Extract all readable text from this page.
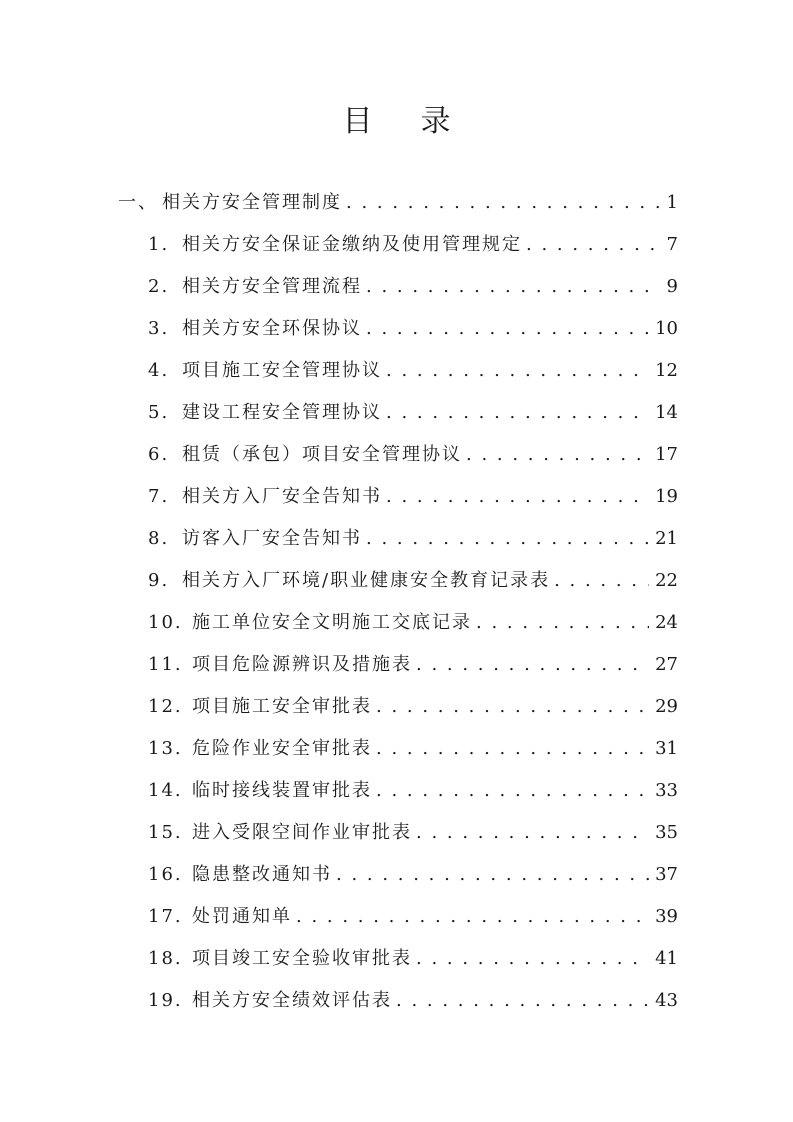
目 录
一、 相关方安全管理制度 . . .	1
1. 相关方安全保证金缴纳及使用管理规定 . . .	7
2. 相关方安全管理流程 . . .	9
3. 相关方安全环保协议 . . .	10
4. 项目施工安全管理协议 . . .	12
5. 建设工程安全管理协议 . . .	14
6. 租赁（承包）项目安全管理协议 . . .	17
7. 相关方入厂安全告知书 . . .	19
8. 访客入厂安全告知书 . . .	21
9. 相关方入厂环境/职业健康安全教育记录表 . . .	22
10. 施工单位安全文明施工交底记录 . . .	24
11. 项目危险源辨识及措施表 . . .	27
12. 项目施工安全审批表 . . .	29
13. 危险作业安全审批表 . . .	31
14. 临时接线装置审批表 . . .	33
15. 进入受限空间作业审批表 . . .	35
16. 隐患整改通知书 . . .	37
17. 处罚通知单 . . .	39
18. 项目竣工安全验收审批表 . . .	41
19. 相关方安全绩效评估表 . . .	43
